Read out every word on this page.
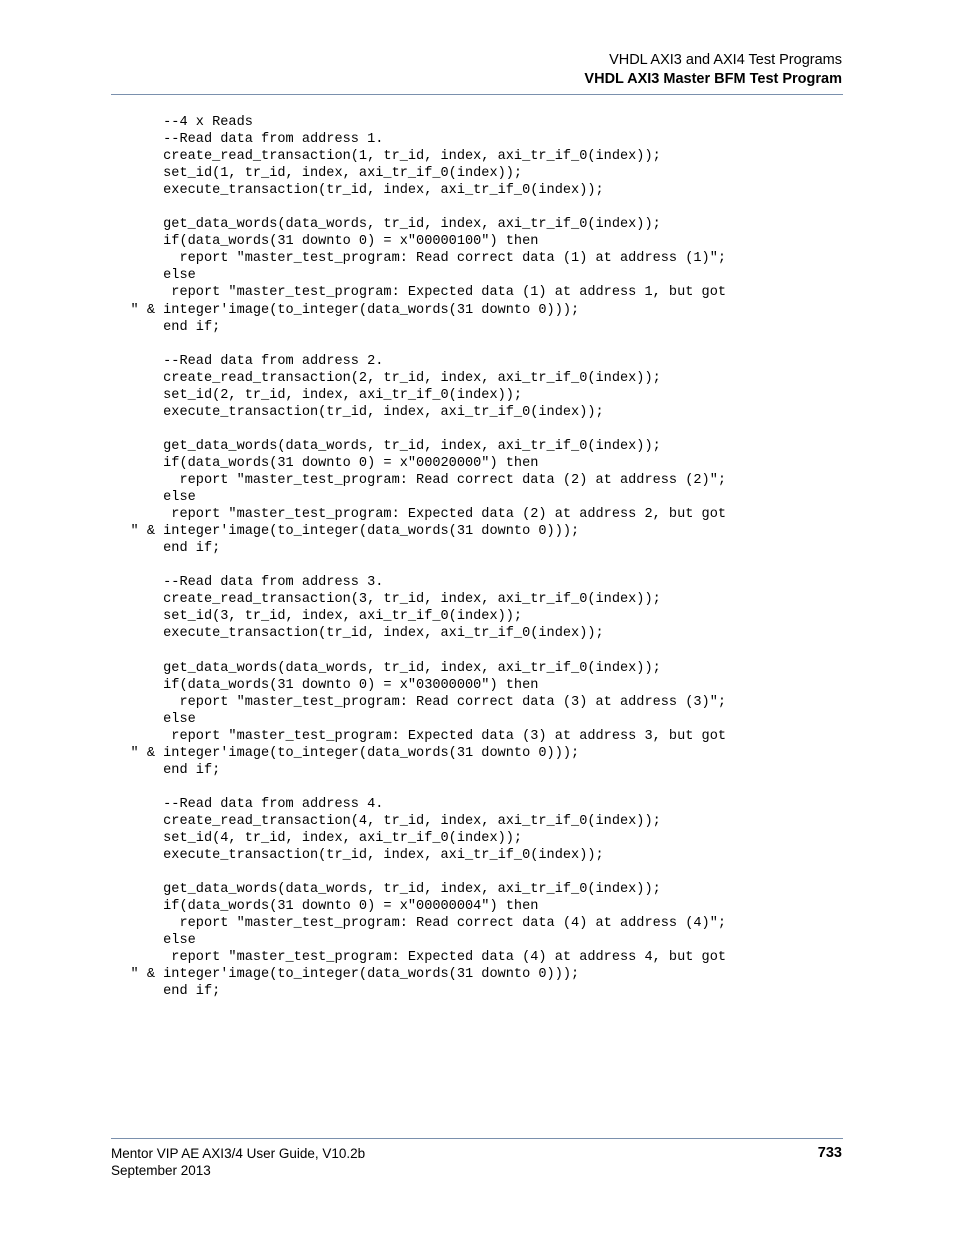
VHDL AXI3 and AXI4 Test Programs
VHDL AXI3 Master BFM Test Program
--4 x Reads
--Read data from address 1.
create_read_transaction(1, tr_id, index, axi_tr_if_0(index));
set_id(1, tr_id, index, axi_tr_if_0(index));
execute_transaction(tr_id, index, axi_tr_if_0(index));
get_data_words(data_words, tr_id, index, axi_tr_if_0(index));
if(data_words(31 downto 0) = x"00000100") then
report "master_test_program: Read correct data (1) at address (1)";
else
report "master_test_program: Expected data (1) at address 1, but got
" & integer'image(to_integer(data_words(31 downto 0)));
end if;
--Read data from address 2.
create_read_transaction(2, tr_id, index, axi_tr_if_0(index));
set_id(2, tr_id, index, axi_tr_if_0(index));
execute_transaction(tr_id, index, axi_tr_if_0(index));
get_data_words(data_words, tr_id, index, axi_tr_if_0(index));
if(data_words(31 downto 0) = x"00020000") then
report "master_test_program: Read correct data (2) at address (2)";
else
report "master_test_program: Expected data (2) at address 2, but got
" & integer'image(to_integer(data_words(31 downto 0)));
end if;
--Read data from address 3.
create_read_transaction(3, tr_id, index, axi_tr_if_0(index));
set_id(3, tr_id, index, axi_tr_if_0(index));
execute_transaction(tr_id, index, axi_tr_if_0(index));
get_data_words(data_words, tr_id, index, axi_tr_if_0(index));
if(data_words(31 downto 0) = x"03000000") then
report "master_test_program: Read correct data (3) at address (3)";
else
report "master_test_program: Expected data (3) at address 3, but got
" & integer'image(to_integer(data_words(31 downto 0)));
end if;
--Read data from address 4.
create_read_transaction(4, tr_id, index, axi_tr_if_0(index));
set_id(4, tr_id, index, axi_tr_if_0(index));
execute_transaction(tr_id, index, axi_tr_if_0(index));
get_data_words(data_words, tr_id, index, axi_tr_if_0(index));
if(data_words(31 downto 0) = x"00000004") then
report "master_test_program: Read correct data (4) at address (4)";
else
report "master_test_program: Expected data (4) at address 4, but got
" & integer'image(to_integer(data_words(31 downto 0)));
end if;
Mentor VIP AE AXI3/4 User Guide, V10.2b
September 2013
733
